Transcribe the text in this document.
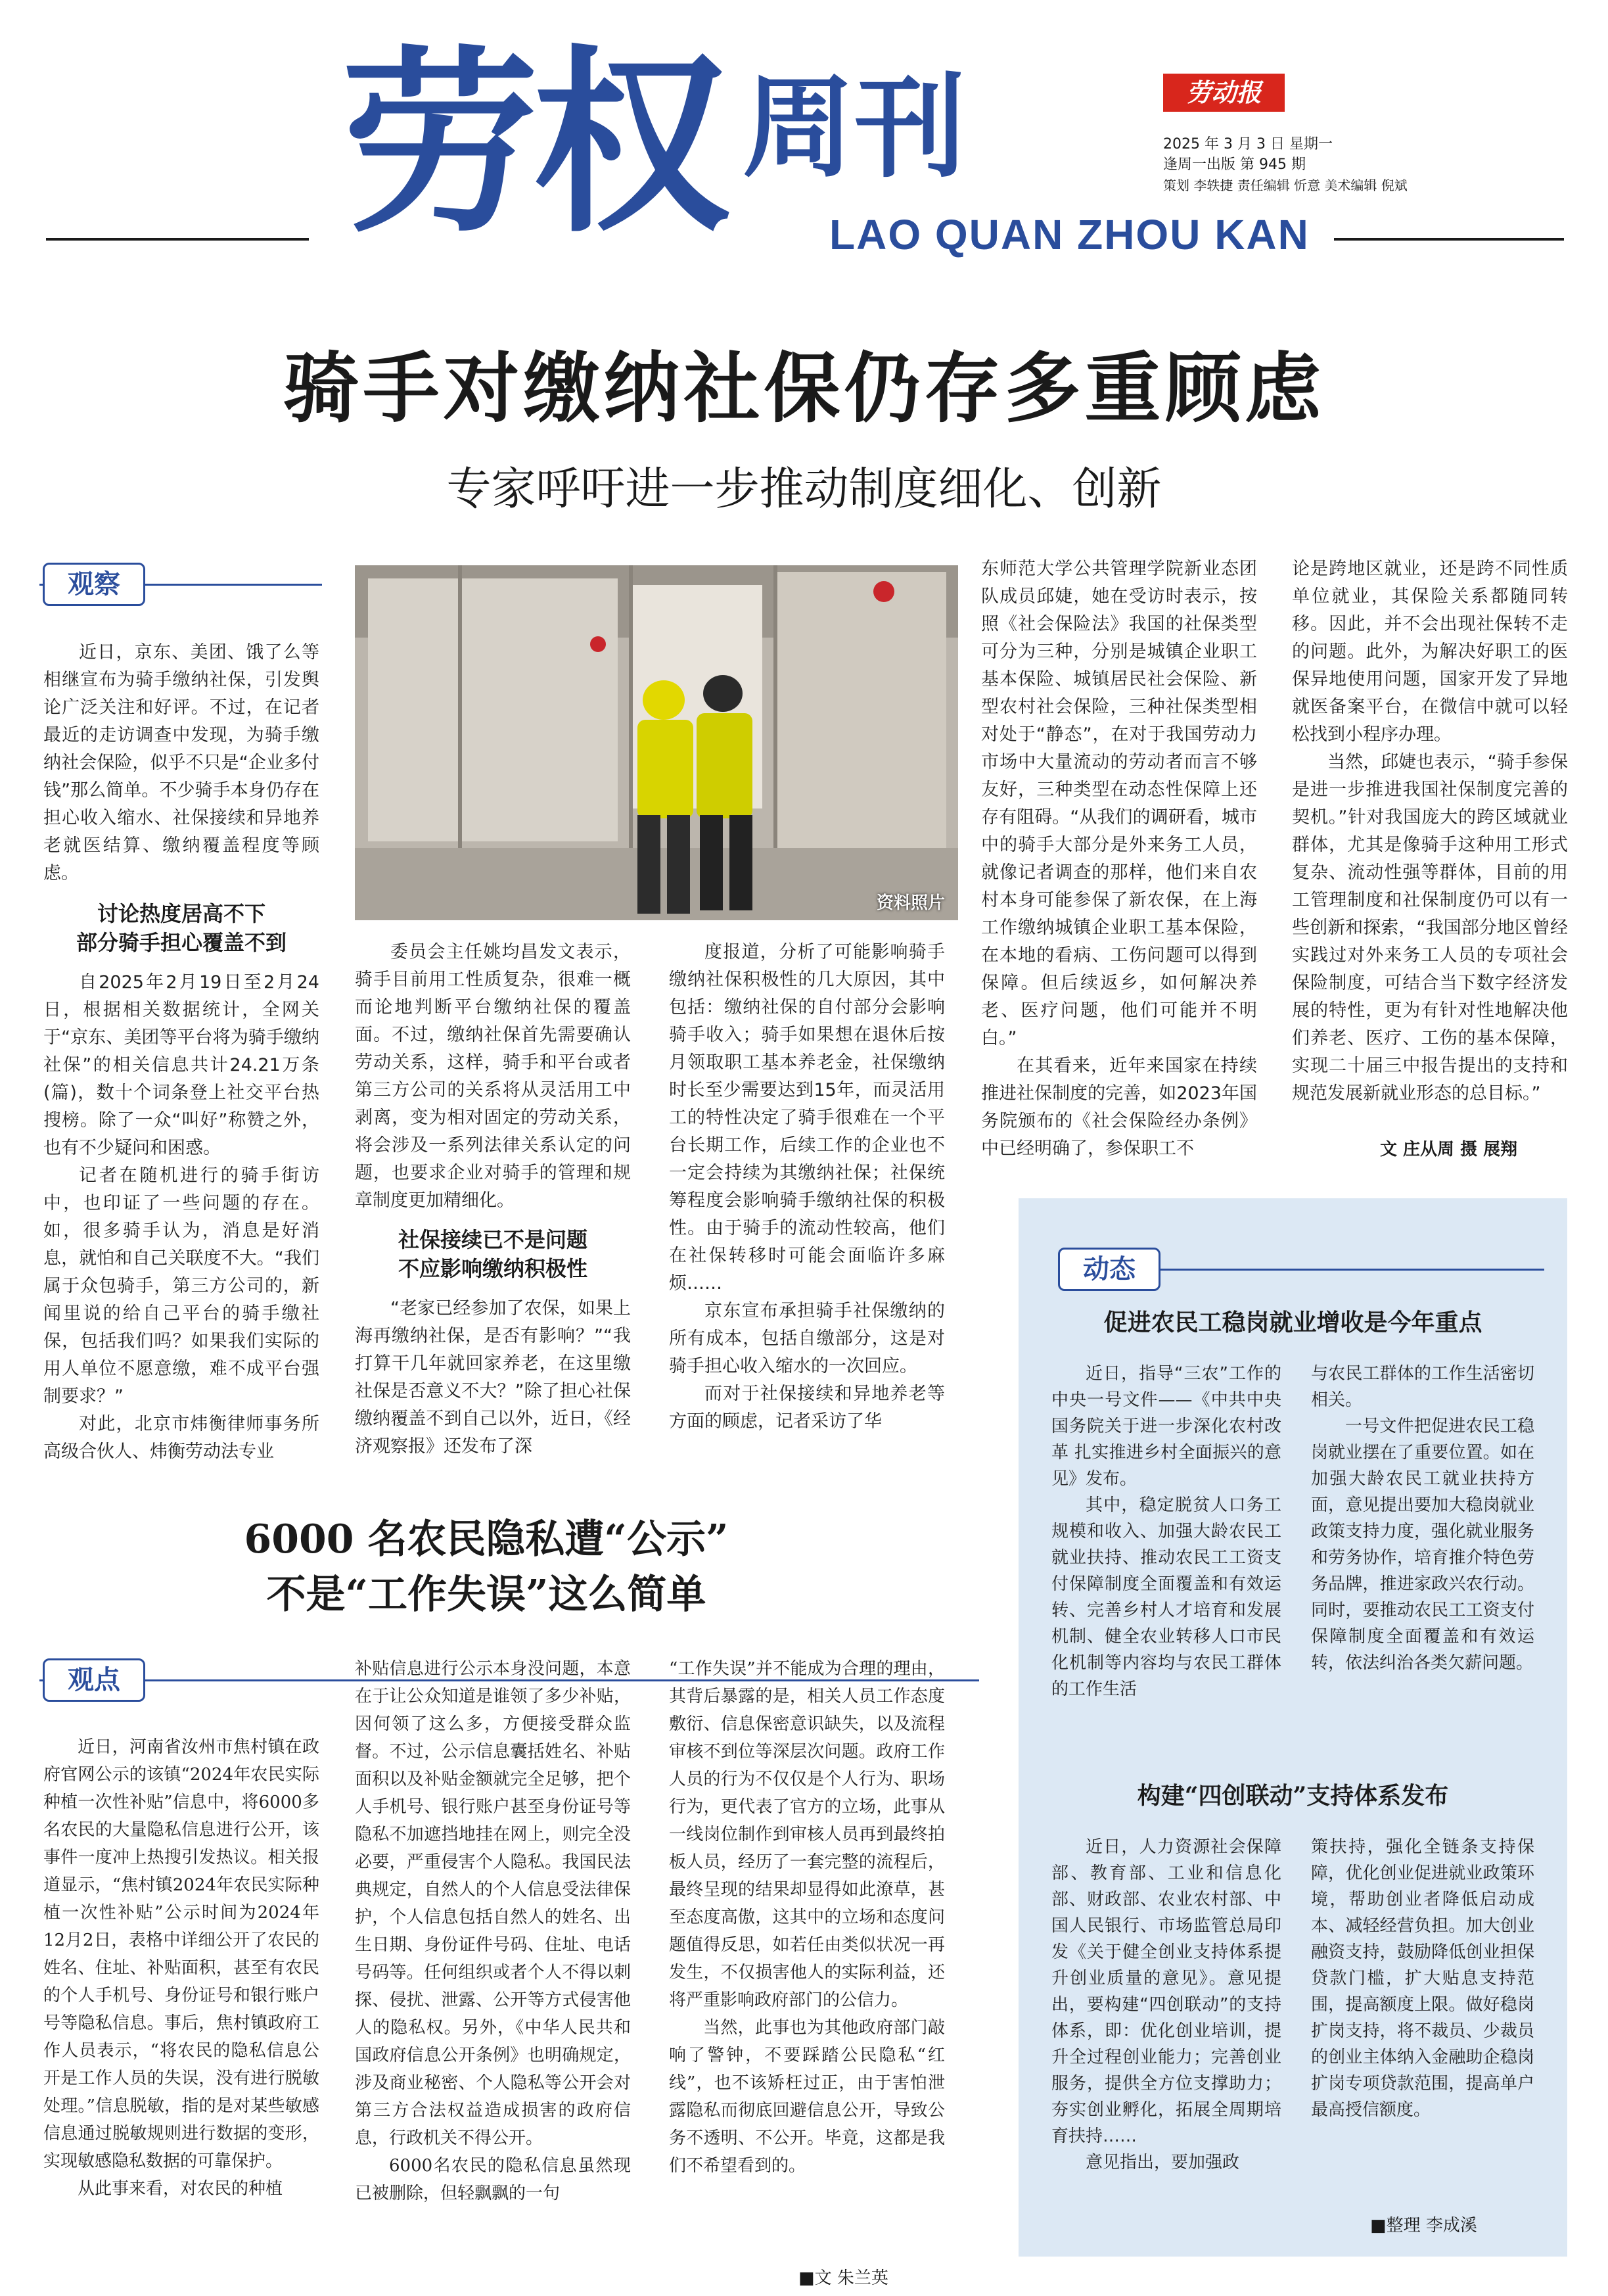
劳权 周刊
LAO QUAN ZHOU KAN
劳动报
2025 年 3 月 3 日 星期一
逢周一出版 第 945 期
策划 李轶捷 责任编辑 忻意 美术编辑 倪斌
骑手对缴纳社保仍存多重顾虑
专家呼吁进一步推动制度细化、创新
观察

近日，京东、美团、饿了么等相继宣布为骑手缴纳社保，引发舆论广泛关注和好评。不过，在记者最近的走访调查中发现，为骑手缴纳社会保险，似乎不只是“企业多付钱”那么简单。不少骑手本身仍存在担心收入缩水、社保接续和异地养老就医结算、缴纳覆盖程度等顾虑。

讨论热度居高不下
部分骑手担心覆盖不到

自2025年2月19日至2月24日，根据相关数据统计，全网关于“京东、美团等平台将为骑手缴纳社保”的相关信息共计24.21万条(篇)，数十个词条登上社交平台热搜榜。除了一众“叫好”称赞之外，也有不少疑问和困惑。

记者在随机进行的骑手街访中，也印证了一些问题的存在。如，很多骑手认为，消息是好消息，就怕和自己关联度不大。“我们属于众包骑手，第三方公司的，新闻里说的给自己平台的骑手缴社保，包括我们吗？如果我们实际的用人单位不愿意缴，难不成平台强制要求？”

对此，北京市炜衡律师事务所高级合伙人、炜衡劳动法专业

资料照片

委员会主任姚均昌发文表示，骑手目前用工性质复杂，很难一概而论地判断平台缴纳社保的覆盖面。不过，缴纳社保首先需要确认劳动关系，这样，骑手和平台或者第三方公司的关系将从灵活用工中剥离，变为相对固定的劳动关系，将会涉及一系列法律关系认定的问题，也要求企业对骑手的管理和规章制度更加精细化。

社保接续已不是问题
不应影响缴纳积极性

“老家已经参加了农保，如果上海再缴纳社保，是否有影响？”“我打算干几年就回家养老，在这里缴社保是否意义不大？”除了担心社保缴纳覆盖不到自己以外，近日，《经济观察报》还发布了深

度报道，分析了可能影响骑手缴纳社保积极性的几大原因，其中包括：缴纳社保的自付部分会影响骑手收入；骑手如果想在退休后按月领取职工基本养老金，社保缴纳时长至少需要达到15年，而灵活用工的特性决定了骑手很难在一个平台长期工作，后续工作的企业也不一定会持续为其缴纳社保；社保统筹程度会影响骑手缴纳社保的积极性。由于骑手的流动性较高，他们在社保转移时可能会面临许多麻烦……

京东宣布承担骑手社保缴纳的所有成本，包括自缴部分，这是对骑手担心收入缩水的一次回应。

而对于社保接续和异地养老等方面的顾虑，记者采访了华

东师范大学公共管理学院新业态团队成员邱婕，她在受访时表示，按照《社会保险法》我国的社保类型可分为三种，分别是城镇企业职工基本保险、城镇居民社会保险、新型农村社会保险，三种社保类型相对处于“静态”，在对于我国劳动力市场中大量流动的劳动者而言不够友好，三种类型在动态性保障上还存有阻碍。“从我们的调研看，城市中的骑手大部分是外来务工人员，就像记者调查的那样，他们来自农村本身可能参保了新农保，在上海工作缴纳城镇企业职工基本保险，在本地的看病、工伤问题可以得到保障。但后续返乡，如何解决养老、医疗问题，他们可能并不明白。”

在其看来，近年来国家在持续推进社保制度的完善，如2023年国务院颁布的《社会保险经办条例》中已经明确了，参保职工不

论是跨地区就业，还是跨不同性质单位就业，其保险关系都随同转移。因此，并不会出现社保转不走的问题。此外，为解决好职工的医保异地使用问题，国家开发了异地就医备案平台，在微信中就可以轻松找到小程序办理。

当然，邱婕也表示，“骑手参保是进一步推进我国社保制度完善的契机。”针对我国庞大的跨区域就业群体，尤其是像骑手这种用工形式复杂、流动性强等群体，目前的用工管理制度和社保制度仍可以有一些创新和探索，“我国部分地区曾经实践过对外来务工人员的专项社会保险制度，可结合当下数字经济发展的特性，更为有针对性地解决他们养老、医疗、工伤的基本保障，实现二十届三中报告提出的支持和规范发展新就业形态的总目标。”

文 庄从周 摄 展翔
6000 名农民隐私遭“公示”
不是“工作失误”这么简单
观点

近日，河南省汝州市焦村镇在政府官网公示的该镇“2024年农民实际种植一次性补贴”信息中，将6000多名农民的大量隐私信息进行公开，该事件一度冲上热搜引发热议。相关报道显示，“焦村镇2024年农民实际种植一次性补贴”公示时间为2024年12月2日，表格中详细公开了农民的姓名、住址、补贴面积，甚至有农民的个人手机号、身份证号和银行账户号等隐私信息。事后，焦村镇政府工作人员表示，“将农民的隐私信息公开是工作人员的失误，没有进行脱敏处理。”信息脱敏，指的是对某些敏感信息通过脱敏规则进行数据的变形，实现敏感隐私数据的可靠保护。

从此事来看，对农民的种植

补贴信息进行公示本身没问题，本意在于让公众知道是谁领了多少补贴，因何领了这么多，方便接受群众监督。不过，公示信息囊括姓名、补贴面积以及补贴金额就完全足够，把个人手机号、银行账户甚至身份证号等隐私不加遮挡地挂在网上，则完全没必要，严重侵害个人隐私。我国民法典规定，自然人的个人信息受法律保护，个人信息包括自然人的姓名、出生日期、身份证件号码、住址、电话号码等。任何组织或者个人不得以刺探、侵扰、泄露、公开等方式侵害他人的隐私权。另外，《中华人民共和国政府信息公开条例》也明确规定，涉及商业秘密、个人隐私等公开会对第三方合法权益造成损害的政府信息，行政机关不得公开。

6000名农民的隐私信息虽然现已被删除，但轻飘飘的一句

“工作失误”并不能成为合理的理由，其背后暴露的是，相关人员工作态度敷衍、信息保密意识缺失，以及流程审核不到位等深层次问题。政府工作人员的行为不仅仅是个人行为、职场行为，更代表了官方的立场，此事从一线岗位制作到审核人员再到最终拍板人员，经历了一套完整的流程后，最终呈现的结果却显得如此潦草，甚至态度高傲，这其中的立场和态度问题值得反思，如若任由类似状况一再发生，不仅损害他人的实际利益，还将严重影响政府部门的公信力。

当然，此事也为其他政府部门敲响了警钟，不要踩踏公民隐私“红线”，也不该矫枉过正，由于害怕泄露隐私而彻底回避信息公开，导致公务不透明、不公开。毕竟，这都是我们不希望看到的。

■文 朱兰英
动态
促进农民工稳岗就业增收是今年重点

近日，指导“三农”工作的中央一号文件——《中共中央 国务院关于进一步深化农村改革 扎实推进乡村全面振兴的意见》发布。

其中，稳定脱贫人口务工规模和收入、加强大龄农民工就业扶持、推动农民工工资支付保障制度全面覆盖和有效运转、完善乡村人才培育和发展机制、健全农业转移人口市民化机制等内容均与农民工群体的工作生活

与农民工群体的工作生活密切相关。

一号文件把促进农民工稳岗就业摆在了重要位置。如在加强大龄农民工就业扶持方面，意见提出要加大稳岗就业政策支持力度，强化就业服务和劳务协作，培育推介特色劳务品牌，推进家政兴农行动。同时，要推动农民工工资支付保障制度全面覆盖和有效运转，依法纠治各类欠薪问题。

构建“四创联动”支持体系发布

近日，人力资源社会保障部、教育部、工业和信息化部、财政部、农业农村部、中国人民银行、市场监管总局印发《关于健全创业支持体系提升创业质量的意见》。意见提出，要构建“四创联动”的支持体系，即：优化创业培训，提升全过程创业能力；完善创业服务，提供全方位支撑助力；夯实创业孵化，拓展全周期培育扶持……

意见指出，要加强政

策扶持，强化全链条支持保障，优化创业促进就业政策环境，帮助创业者降低启动成本、减轻经营负担。加大创业融资支持，鼓励降低创业担保贷款门槛，扩大贴息支持范围，提高额度上限。做好稳岗扩岗支持，将不裁员、少裁员的创业主体纳入金融助企稳岗扩岗专项贷款范围，提高单户最高授信额度。

■整理 李成溪
